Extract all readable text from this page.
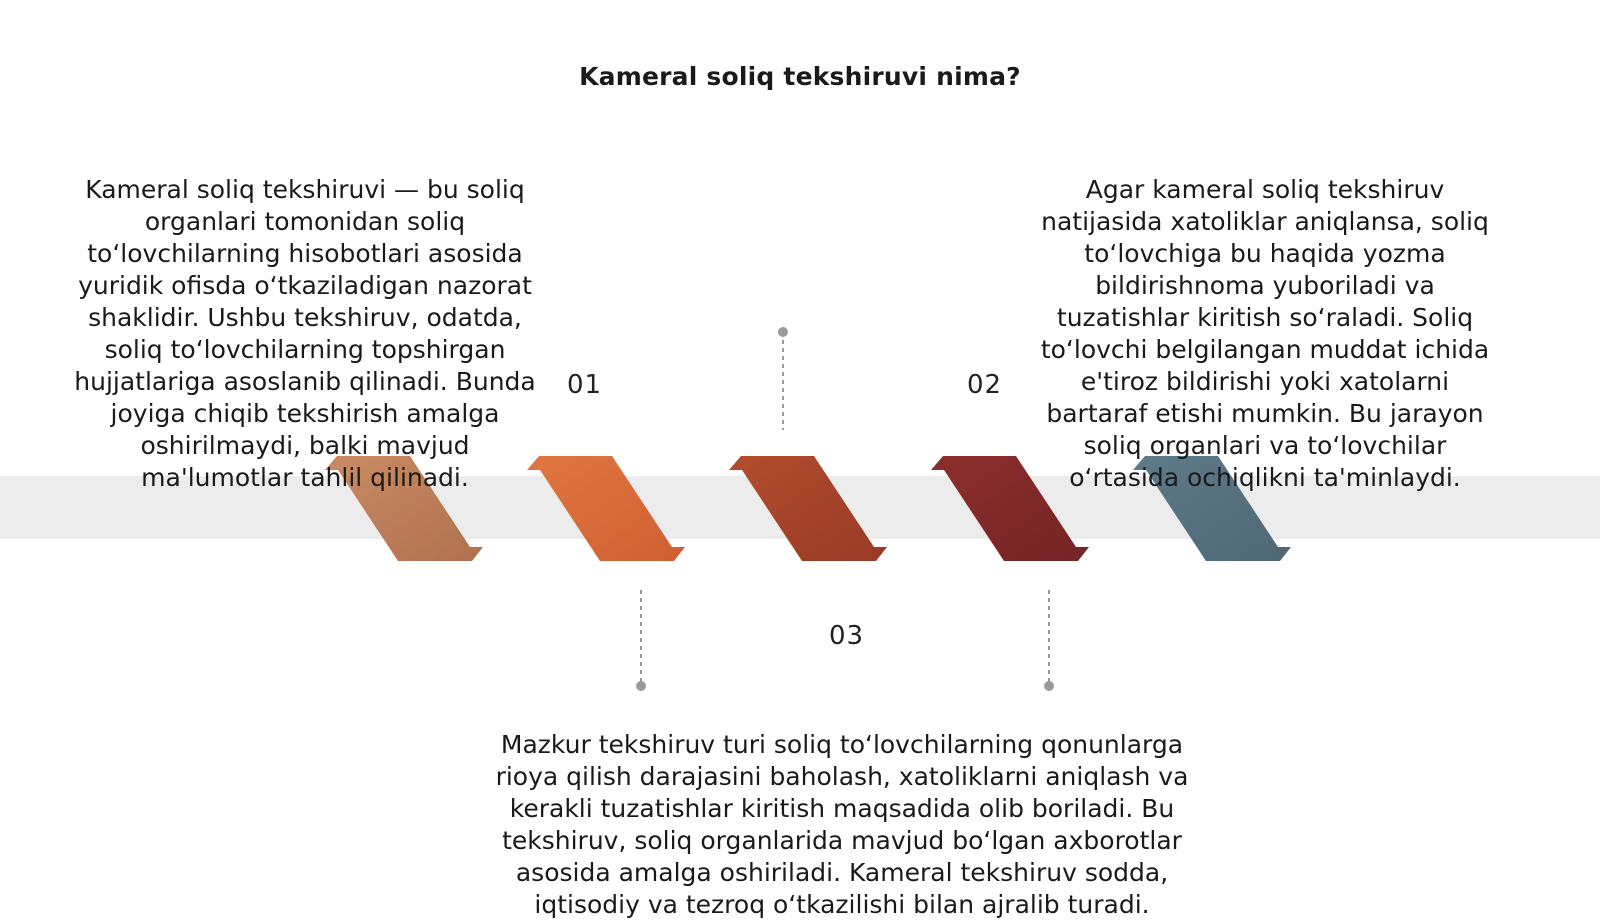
Kameral soliq tekshiruvi nima?
01	02
03
Kameral soliq tekshiruvi — bu soliq organlari tomonidan soliq to‘lovchilarning hisobotlari asosida yuridik ofisda o‘tkaziladigan nazorat shaklidir. Ushbu tekshiruv, odatda, soliq to‘lovchilarning topshirgan hujjatlariga asoslanib qilinadi. Bunda joyiga chiqib tekshirish amalga oshirilmaydi, balki mavjud ma'lumotlar tahlil qilinadi.
Agar kameral soliq tekshiruv natijasida xatoliklar aniqlansa, soliq to‘lovchiga bu haqida yozma bildirishnoma yuboriladi va tuzatishlar kiritish so‘raladi. Soliq to‘lovchi belgilangan muddat ichida e'tiroz bildirishi yoki xatolarni bartaraf etishi mumkin. Bu jarayon soliq organlari va to‘lovchilar o‘rtasida ochiqlikni ta'minlaydi.
Mazkur tekshiruv turi soliq to‘lovchilarning qonunlarga rioya qilish darajasini baholash, xatoliklarni aniqlash va kerakli tuzatishlar kiritish maqsadida olib boriladi. Bu tekshiruv, soliq organlarida mavjud bo‘lgan axborotlar asosida amalga oshiriladi. Kameral tekshiruv sodda, iqtisodiy va tezroq o‘tkazilishi bilan ajralib turadi.
